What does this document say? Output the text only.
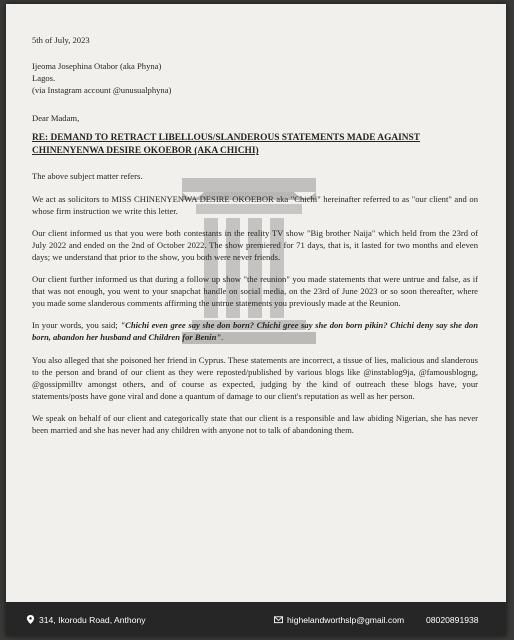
5th of July, 2023
Ijeoma Josephina Otabor (aka Phyna)
Lagos.
(via Instagram account @unusualphyna)
Dear Madam,
RE: DEMAND TO RETRACT LIBELLOUS/SLANDEROUS STATEMENTS MADE AGAINST CHINENYENWA DESIRE OKOEBOR (AKA CHICHI)

The above subject matter refers.

We act as solicitors to MISS CHINENYENWA DESIRE OKOEBOR aka "Chichi" hereinafter referred to as "our client" and on whose firm instruction we write this letter.

Our client informed us that you were both contestants in the reality TV show "Big brother Naija" which held from the 23rd of July 2022 and ended on the 2nd of October 2022. The show premiered for 71 days, that is, it lasted for two months and eleven days; we understand that prior to the show, you both were never friends.

Our client further informed us that during a follow up show "the reunion" you made statements that were untrue and false, as if that was not enough, you went to your snapchat handle on social media, on the 23rd of June 2023 or so soon thereafter, where you made some slanderous comments affirming the untrue statements you previously made at the Reunion.

In your words, you said; "Chichi even gree say she don born? Chichi gree say she don born pikin? Chichi deny say she don born, abandon her husband and Children for Benin".

You also alleged that she poisoned her friend in Cyprus. These statements are incorrect, a tissue of lies, malicious and slanderous to the person and brand of our client as they were reposted/published by various blogs like @instablog9ja, @famousblogng, @gossipmilltv amongst others, and of course as expected, judging by the kind of outreach these blogs have, your statements/posts have gone viral and done a quantum of damage to our client's reputation as well as her person.

We speak on behalf of our client and categorically state that our client is a responsible and law abiding Nigerian, she has never been married and she has never had any children with anyone not to talk of abandoning them.

314, Ikorodu Road, Anthony	highelandworthslp@gmail.com	08020891938
